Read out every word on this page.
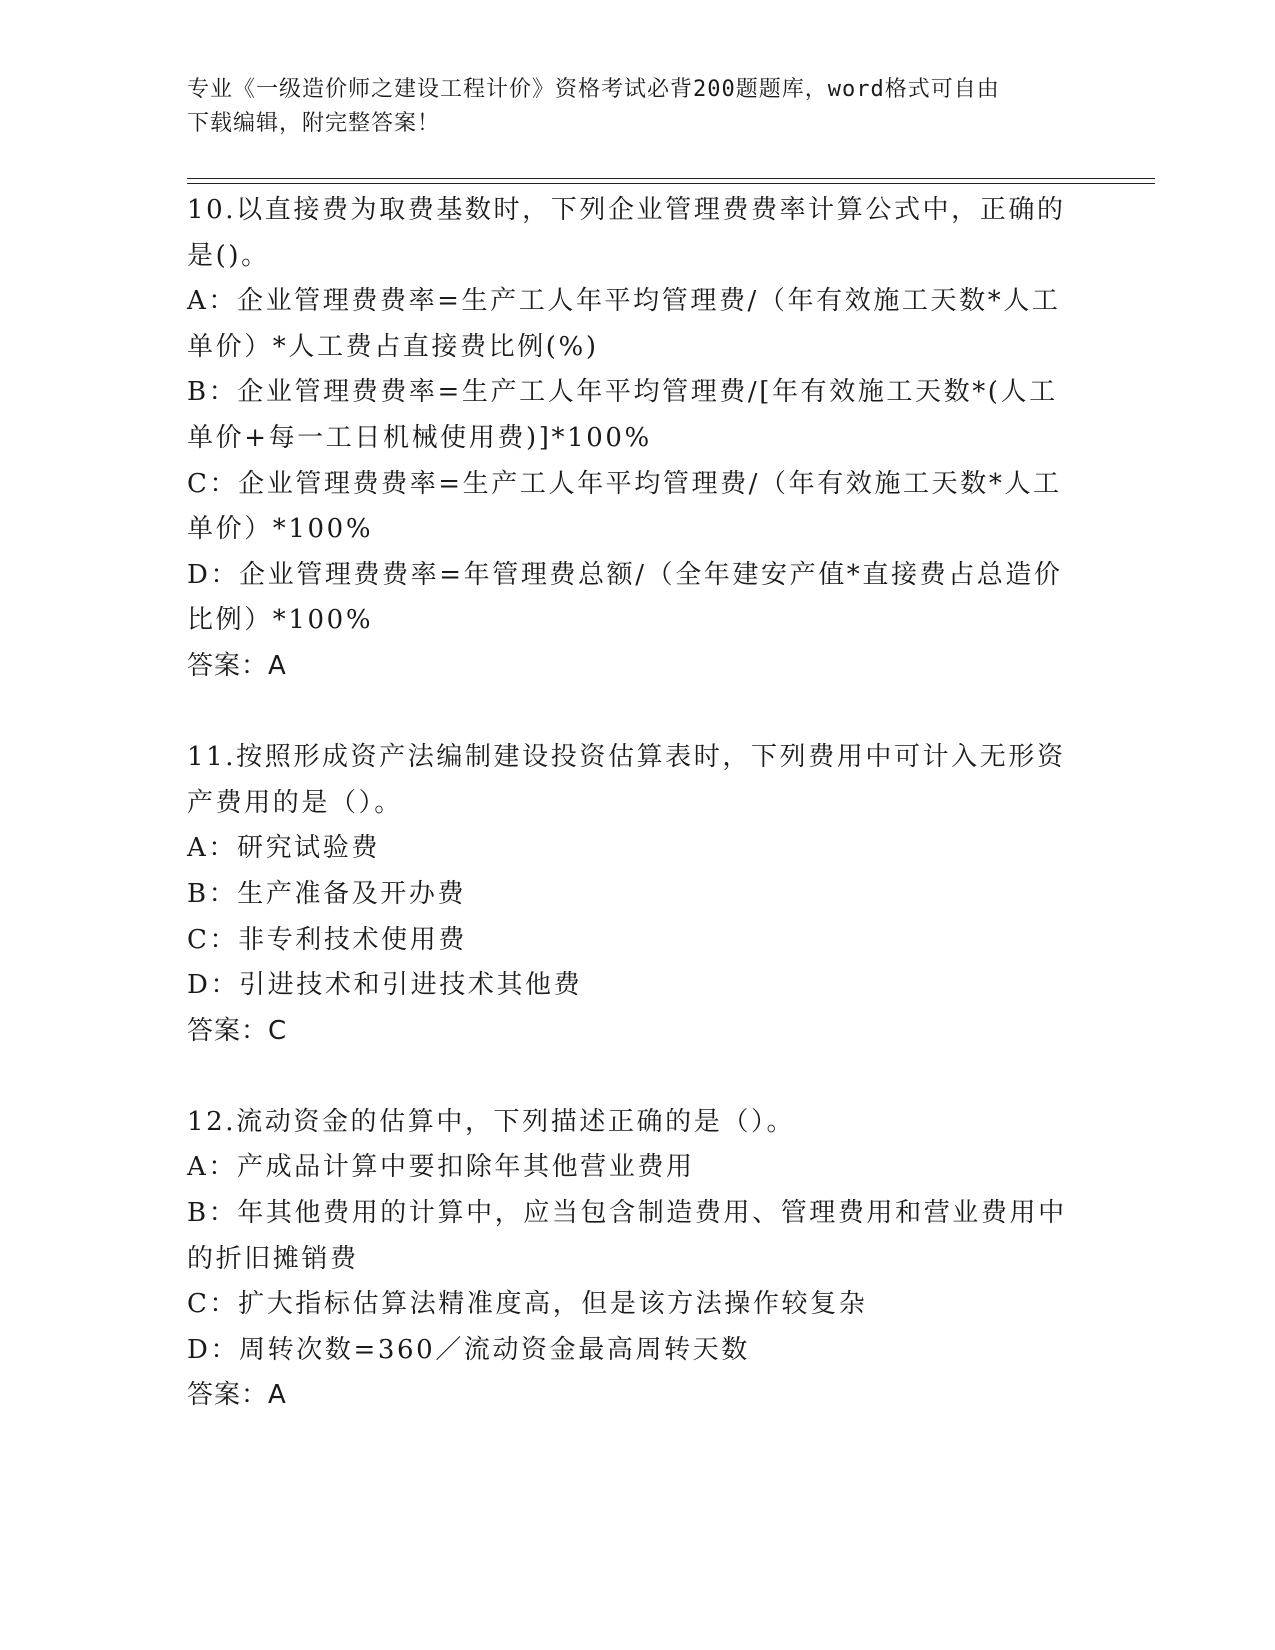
专业《一级造价师之建设工程计价》资格考试必背200题题库，word格式可自由
下载编辑，附完整答案！
10.以直接费为取费基数时，下列企业管理费费率计算公式中，正确的
是()。
A：企业管理费费率=生产工人年平均管理费/（年有效施工天数*人工
单价）*人工费占直接费比例(%)
B：企业管理费费率=生产工人年平均管理费/[年有效施工天数*(人工
单价+每一工日机械使用费)]*100%
C：企业管理费费率=生产工人年平均管理费/（年有效施工天数*人工
单价）*100%
D：企业管理费费率=年管理费总额/（全年建安产值*直接费占总造价
比例）*100%
答案：A
11.按照形成资产法编制建设投资估算表时，下列费用中可计入无形资
产费用的是（）。
A：研究试验费
B：生产准备及开办费
C：非专利技术使用费
D：引进技术和引进技术其他费
答案：C
12.流动资金的估算中，下列描述正确的是（）。
A：产成品计算中要扣除年其他营业费用
B：年其他费用的计算中，应当包含制造费用、管理费用和营业费用中
的折旧摊销费
C：扩大指标估算法精准度高，但是该方法操作较复杂
D：周转次数=360／流动资金最高周转天数
答案：A
